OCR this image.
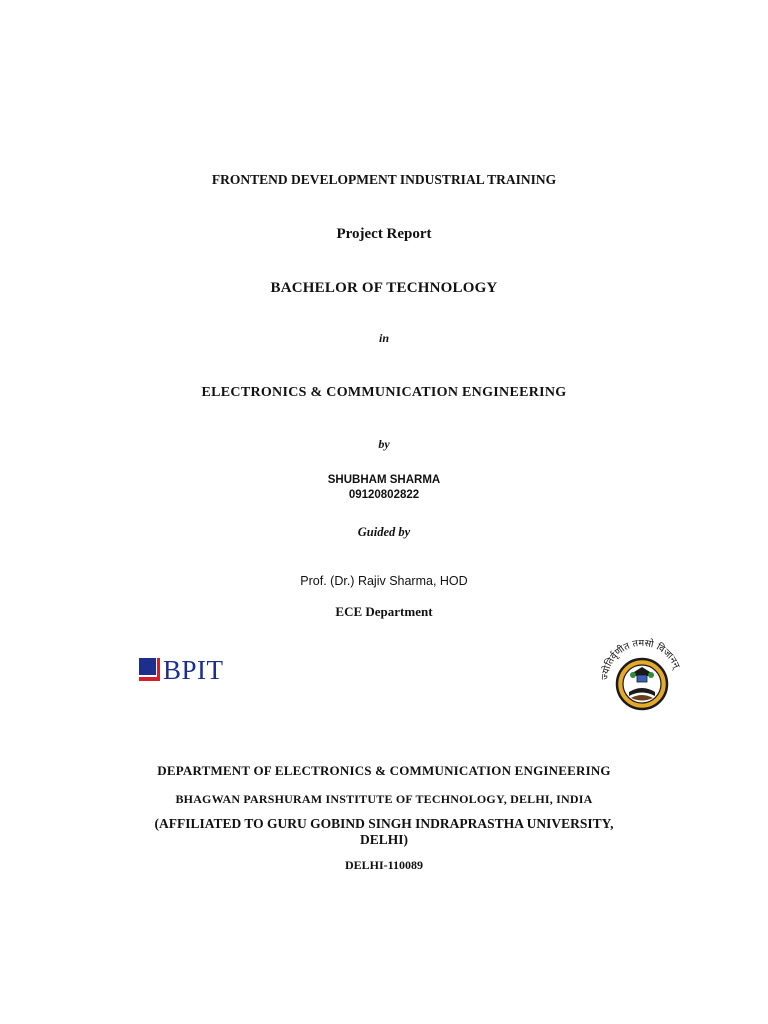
FRONTEND DEVELOPMENT INDUSTRIAL TRAINING
Project Report
BACHELOR OF TECHNOLOGY
in
ELECTRONICS & COMMUNICATION ENGINEERING
by
SHUBHAM SHARMA
09120802822
Guided by
Prof. (Dr.) Rajiv Sharma, HOD
ECE Department
BPIT	ज्योतिर्वृणीत तमसो विजानन्
DEPARTMENT OF ELECTRONICS & COMMUNICATION ENGINEERING
BHAGWAN PARSHURAM INSTITUTE OF TECHNOLOGY, DELHI, INDIA
(AFFILIATED TO GURU GOBIND SINGH INDRAPRASTHA UNIVERSITY,
DELHI)
DELHI-110089
